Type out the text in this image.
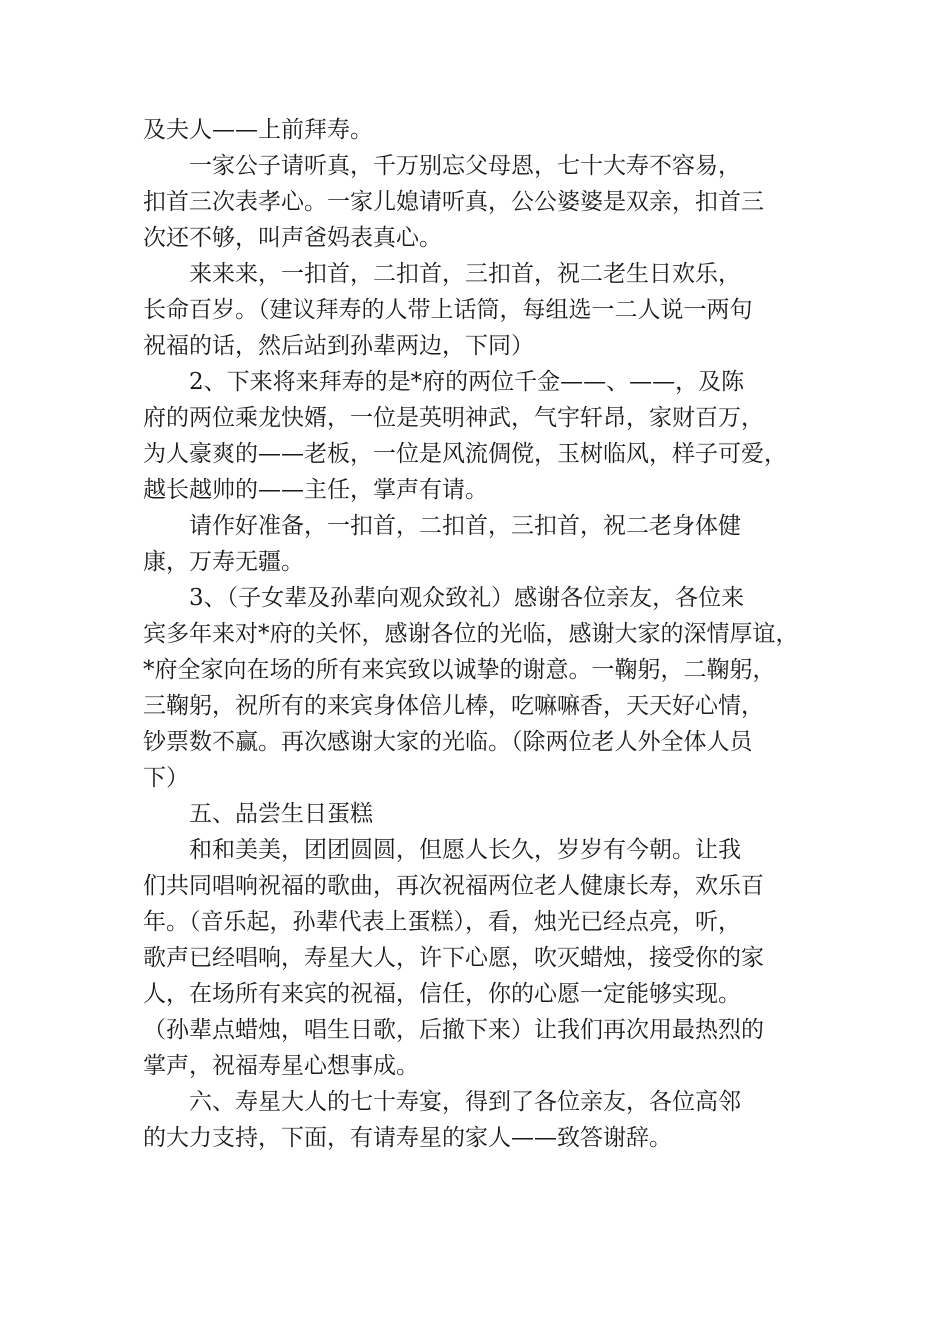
及夫人——上前拜寿。

　　一家公子请听真，千万别忘父母恩，七十大寿不容易，
扣首三次表孝心。一家儿媳请听真，公公婆婆是双亲，扣首三
次还不够，叫声爸妈表真心。

　　来来来，一扣首，二扣首，三扣首，祝二老生日欢乐，
长命百岁。（建议拜寿的人带上话筒，每组选一二人说一两句
祝福的话，然后站到孙辈两边，下同）

　　2、下来将来拜寿的是*府的两位千金——、——，及陈
府的两位乘龙快婿，一位是英明神武，气宇轩昂，家财百万，
为人豪爽的——老板，一位是风流倜傥，玉树临风，样子可爱，
越长越帅的——主任，掌声有请。

　　请作好准备，一扣首，二扣首，三扣首，祝二老身体健
康，万寿无疆。

　　3、（子女辈及孙辈向观众致礼）感谢各位亲友，各位来
宾多年来对*府的关怀，感谢各位的光临，感谢大家的深情厚谊，
*府全家向在场的所有来宾致以诚挚的谢意。一鞠躬，二鞠躬，
三鞠躬，祝所有的来宾身体倍儿棒，吃嘛嘛香，天天好心情，
钞票数不赢。再次感谢大家的光临。（除两位老人外全体人员
下）

　　五、品尝生日蛋糕

　　和和美美，团团圆圆，但愿人长久，岁岁有今朝。让我
们共同唱响祝福的歌曲，再次祝福两位老人健康长寿，欢乐百
年。（音乐起，孙辈代表上蛋糕），看，烛光已经点亮，听，
歌声已经唱响，寿星大人，许下心愿，吹灭蜡烛，接受你的家
人，在场所有来宾的祝福，信任，你的心愿一定能够实现。
（孙辈点蜡烛，唱生日歌，后撤下来）让我们再次用最热烈的
掌声，祝福寿星心想事成。

　　六、寿星大人的七十寿宴，得到了各位亲友，各位高邻
的大力支持，下面，有请寿星的家人——致答谢辞。
